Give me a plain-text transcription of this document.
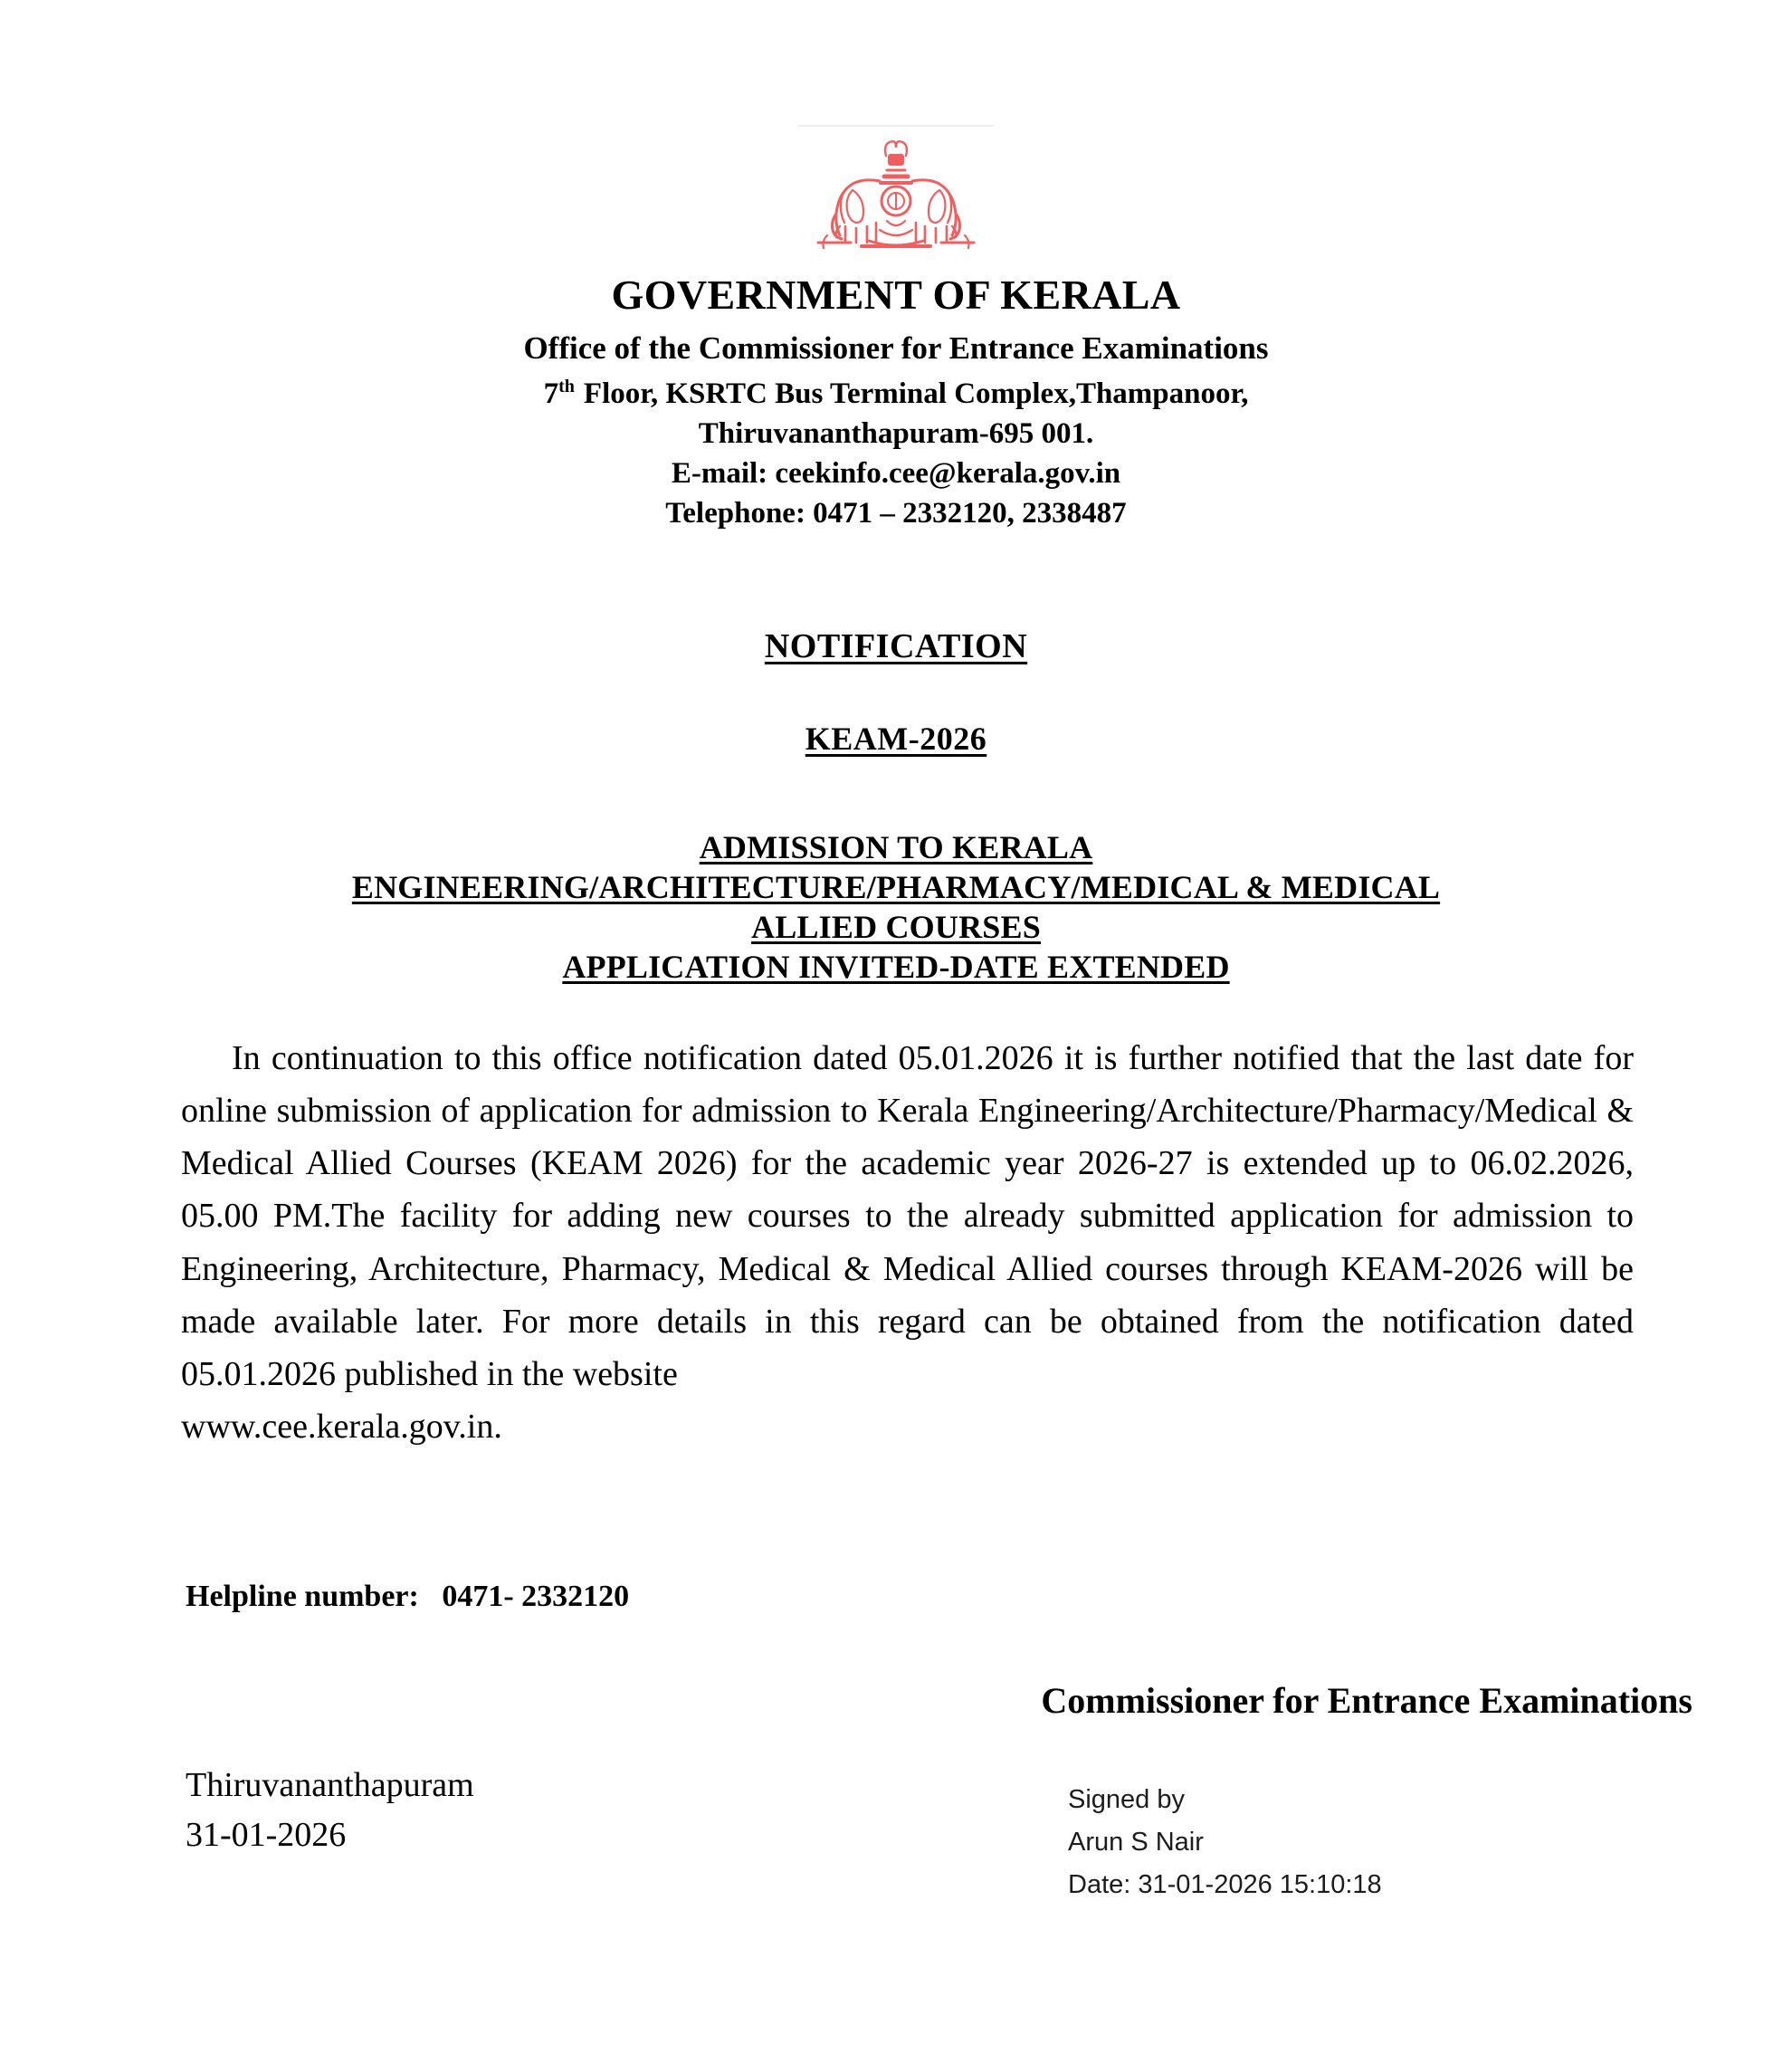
GOVERNMENT OF KERALA
Office of the Commissioner for Entrance Examinations
7th Floor, KSRTC Bus Terminal Complex,Thampanoor,
Thiruvananthapuram-695 001.
E-mail: ceekinfo.cee@kerala.gov.in
Telephone: 0471 – 2332120, 2338487
NOTIFICATION
KEAM-2026
ADMISSION TO KERALA
ENGINEERING/ARCHITECTURE/PHARMACY/MEDICAL & MEDICAL
ALLIED COURSES
APPLICATION INVITED-DATE EXTENDED
In continuation to this office notification dated 05.01.2026 it is further notified that the last date for online submission of application for admission to Kerala Engineering/Architecture/Pharmacy/Medical & Medical Allied Courses (KEAM 2026) for the academic year 2026-27 is extended up to 06.02.2026, 05.00 PM.The facility for adding new courses to the already submitted application for admission to Engineering, Architecture, Pharmacy, Medical & Medical Allied courses through KEAM-2026 will be made available later. For more details in this regard can be obtained from the notification dated 05.01.2026 published in the website
www.cee.kerala.gov.in.
Helpline number:   0471- 2332120
Commissioner for Entrance Examinations
Thiruvananthapuram
31-01-2026
Signed by
Arun S Nair
Date: 31-01-2026 15:10:18
